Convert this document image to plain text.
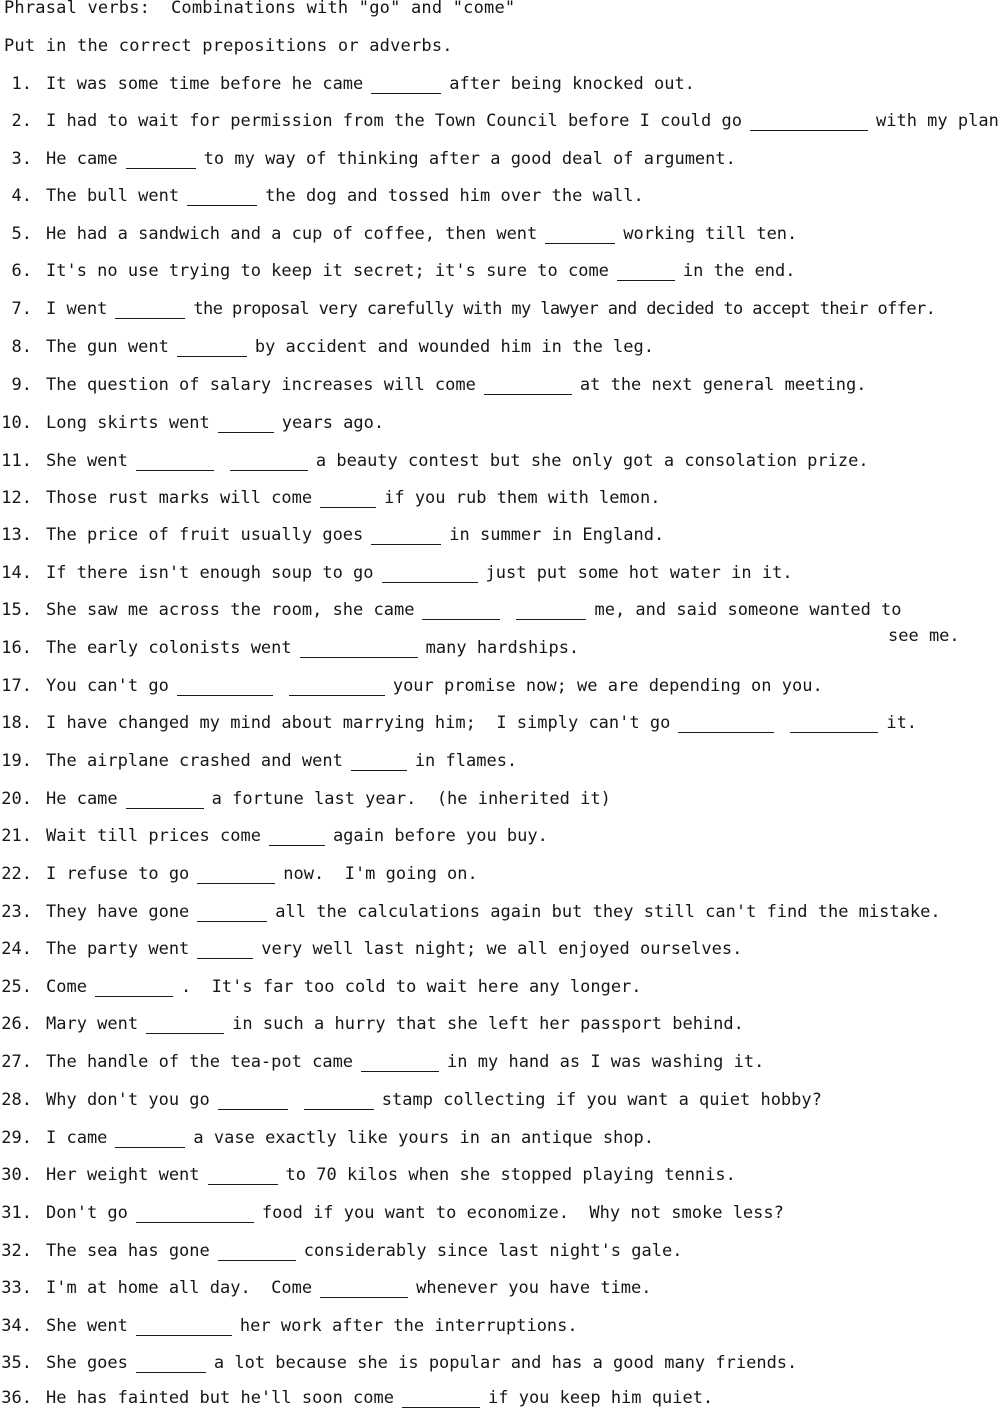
Phrasal verbs:  Combinations with "go" and "come"
Put in the correct prepositions or adverbs.
1. It was some time before he came	after being knocked out.
2. I had to wait for permission from the Town Council before I could go	with my plan
3. He came	to my way of thinking after a good deal of argument.
4. The bull went	the dog and tossed him over the wall.
5. He had a sandwich and a cup of coffee, then went	working till ten.
6. It's no use trying to keep it secret; it's sure to come	in the end.
7. I went	the proposal very carefully with my lawyer and decided to accept their offer.
8. The gun went	by accident and wounded him in the leg.
9. The question of salary increases will come	at the next general meeting.
10. Long skirts went	years ago.
11. She went	a beauty contest but she only got a consolation prize.
12. Those rust marks will come	if you rub them with lemon.
13. The price of fruit usually goes	in summer in England.
14. If there isn't enough soup to go	just put some hot water in it.
15. She saw me across the room, she came	me, and said someone wanted to
see me.
16. The early colonists went	many hardships.
17. You can't go	your promise now; we are depending on you.
18. I have changed my mind about marrying him;  I simply can't go	it.
19. The airplane crashed and went	in flames.
20. He came	a fortune last year.  (he inherited it)
21. Wait till prices come	again before you buy.
22. I refuse to go	now.  I'm going on.
23. They have gone	all the calculations again but they still can't find the mistake.
24. The party went	very well last night; we all enjoyed ourselves.
25. Come	.  It's far too cold to wait here any longer.
26. Mary went	in such a hurry that she left her passport behind.
27. The handle of the tea-pot came	in my hand as I was washing it.
28. Why don't you go	stamp collecting if you want a quiet hobby?
29. I came	a vase exactly like yours in an antique shop.
30. Her weight went	to 70 kilos when she stopped playing tennis.
31. Don't go	food if you want to economize.  Why not smoke less?
32. The sea has gone	considerably since last night's gale.
33. I'm at home all day.  Come	whenever you have time.
34. She went	her work after the interruptions.
35. She goes	a lot because she is popular and has a good many friends.
36. He has fainted but he'll soon come	if you keep him quiet.
